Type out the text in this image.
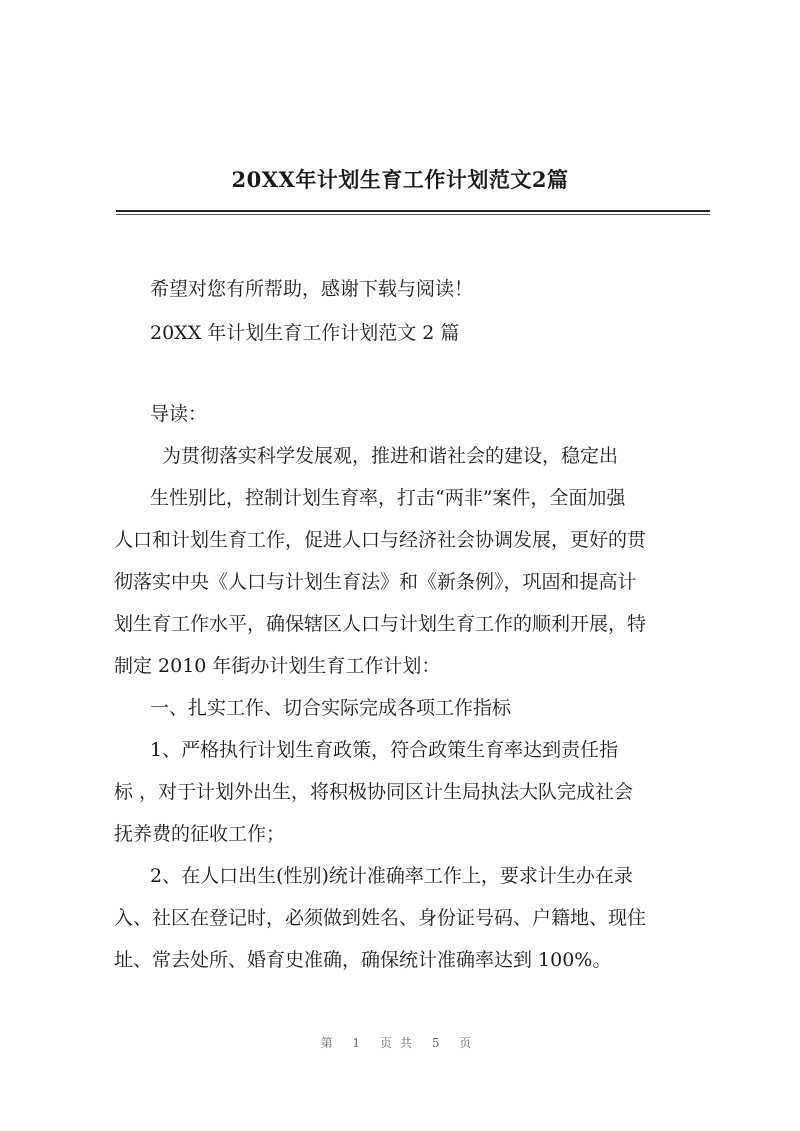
20XX年计划生育工作计划范文2篇

希望对您有所帮助，感谢下载与阅读！

20XX 年计划生育工作计划范文 2 篇

导读：

为贯彻落实科学发展观，推进和谐社会的建设，稳定出

生性别比，控制计划生育率，打击“两非”案件，全面加强

人口和计划生育工作，促进人口与经济社会协调发展，更好的贯

彻落实中央《人口与计划生育法》和《新条例》，巩固和提高计

划生育工作水平，确保辖区人口与计划生育工作的顺利开展，特

制定 2010 年街办计划生育工作计划：

一、扎实工作、切合实际完成各项工作指标

1、严格执行计划生育政策，符合政策生育率达到责任指

标 ，对于计划外出生，将积极协同区计生局执法大队完成社会

抚养费的征收工作；

2、在人口出生(性别)统计准确率工作上，要求计生办在录

入、社区在登记时，必须做到姓名、身份证号码、户籍地、现住

址、常去处所、婚育史准确，确保统计准确率达到 100%。

第 1 页共 5 页
